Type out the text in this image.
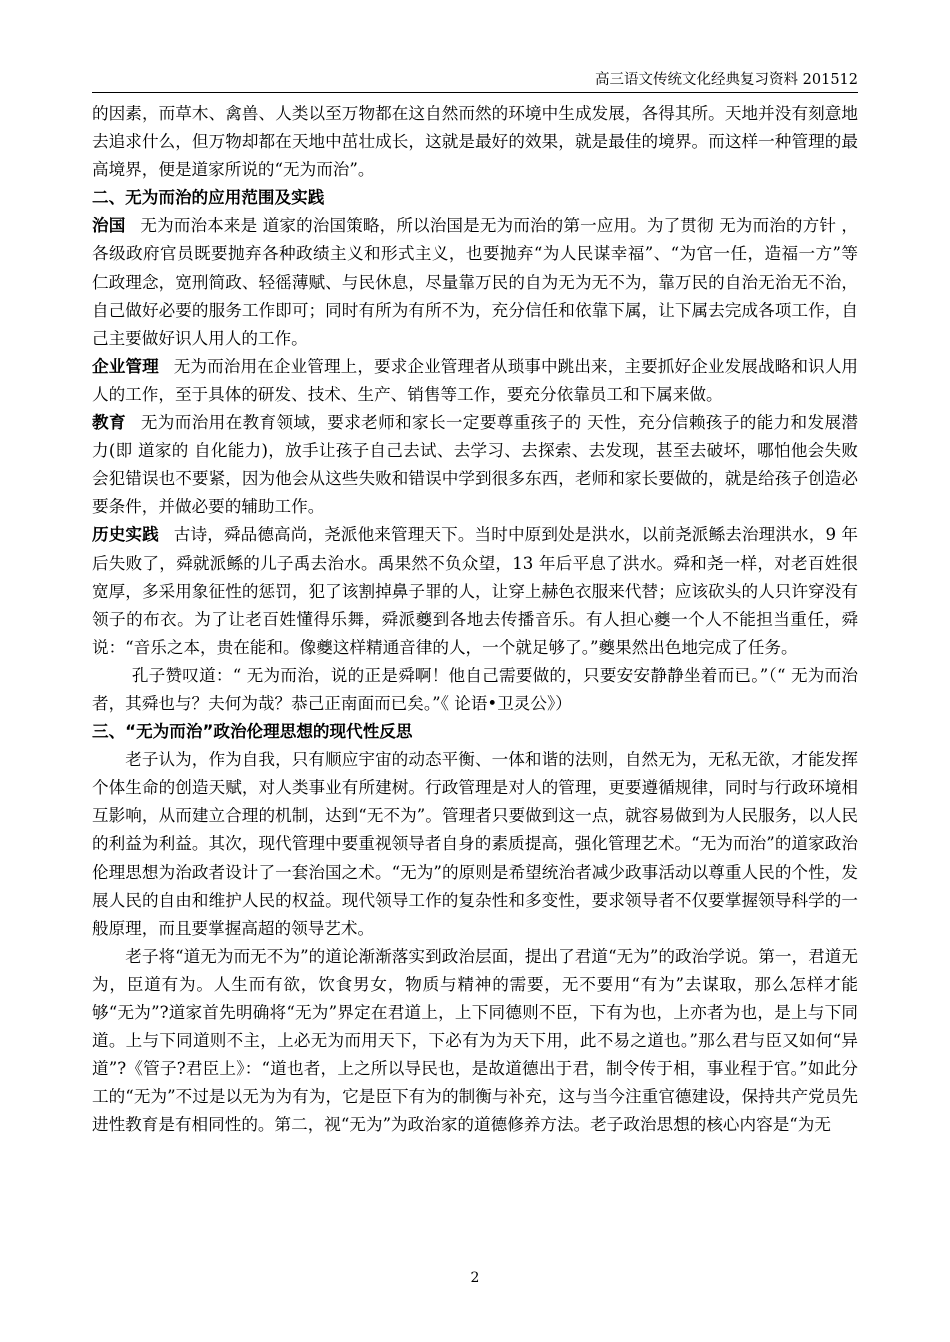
高三语文传统文化经典复习资料 201512

的因素，而草木、禽兽、人类以至万物都在这自然而然的环境中生成发展，各得其所。天地并没有刻意地去追求什么，但万物却都在天地中茁壮成长，这就是最好的效果，就是最佳的境界。而这样一种管理的最高境界，便是道家所说的“无为而治”。

二、无为而治的应用范围及实践

治国 无为而治本来是 道家的治国策略，所以治国是无为而治的第一应用。为了贯彻 无为而治的方针 ，各级政府官员既要抛弃各种政绩主义和形式主义，也要抛弃“为人民谋幸福”、“为官一任，造福一方”等 仁政理念，宽刑简政、轻徭薄赋、与民休息，尽量靠万民的自为无为无不为，靠万民的自治无治无不治，自己做好必要的服务工作即可；同时有所为有所不为，充分信任和依靠下属，让下属去完成各项工作，自己主要做好识人用人的工作。

企业管理 无为而治用在企业管理上，要求企业管理者从琐事中跳出来，主要抓好企业发展战略和识人用人的工作，至于具体的研发、技术、生产、销售等工作，要充分依靠员工和下属来做。

教育 无为而治用在教育领域，要求老师和家长一定要尊重孩子的 天性，充分信赖孩子的能力和发展潜力(即 道家的 自化能力)，放手让孩子自己去试、去学习、去探索、去发现，甚至去破坏，哪怕他会失败会犯错误也不要紧，因为他会从这些失败和错误中学到很多东西，老师和家长要做的，就是给孩子创造必要条件，并做必要的辅助工作。

历史实践 古诗，舜品德高尚，尧派他来管理天下。当时中原到处是洪水，以前尧派鲧去治理洪水，9 年后失败了，舜就派鲧的儿子禹去治水。禹果然不负众望，13 年后平息了洪水。舜和尧一样，对老百姓很宽厚，多采用象征性的惩罚，犯了该割掉鼻子罪的人，让穿上赫色衣服来代替；应该砍头的人只许穿没有领子的布衣。为了让老百姓懂得乐舞，舜派夔到各地去传播音乐。有人担心夔一个人不能担当重任，舜说：“音乐之本，贵在能和。像夔这样精通音律的人，一个就足够了。”夔果然出色地完成了任务。

孔子赞叹道：“ 无为而治，说的正是舜啊！他自己需要做的，只要安安静静坐着而已。”（“ 无为而治者，其舜也与？夫何为哉？恭己正南面而已矣。”《 论语•卫灵公》）

三、“无为而治”政治伦理思想的现代性反思

老子认为，作为自我，只有顺应宇宙的动态平衡、一体和谐的法则，自然无为，无私无欲，才能发挥个体生命的创造天赋，对人类事业有所建树。行政管理是对人的管理，更要遵循规律，同时与行政环境相互影响，从而建立合理的机制，达到“无不为”。管理者只要做到这一点，就容易做到为人民服务，以人民的利益为利益。其次，现代管理中要重视领导者自身的素质提高，强化管理艺术。“无为而治”的道家政治伦理思想为治政者设计了一套治国之术。“无为”的原则是希望统治者减少政事活动以尊重人民的个性，发展人民的自由和维护人民的权益。现代领导工作的复杂性和多变性，要求领导者不仅要掌握领导科学的一般原理，而且要掌握高超的领导艺术。

老子将“道无为而无不为”的道论渐渐落实到政治层面，提出了君道“无为”的政治学说。第一，君道无为，臣道有为。人生而有欲，饮食男女，物质与精神的需要，无不要用“有为”去谋取，那么怎样才能够“无为”?道家首先明确将“无为”界定在君道上，上下同德则不臣，下有为也，上亦者为也，是上与下同道。上与下同道则不主，上必无为而用天下，下必有为为天下用，此不易之道也。”那么君与臣又如何“异道”?《管子?君臣上》：“道也者，上之所以导民也，是故道德出于君，制令传于相，事业程于官。”如此分工的“无为”不过是以无为为有为，它是臣下有为的制衡与补充，这与当今注重官德建设，保持共产党员先进性教育是有相同性的。第二，视“无为”为政治家的道德修养方法。老子政治思想的核心内容是“为无

2
